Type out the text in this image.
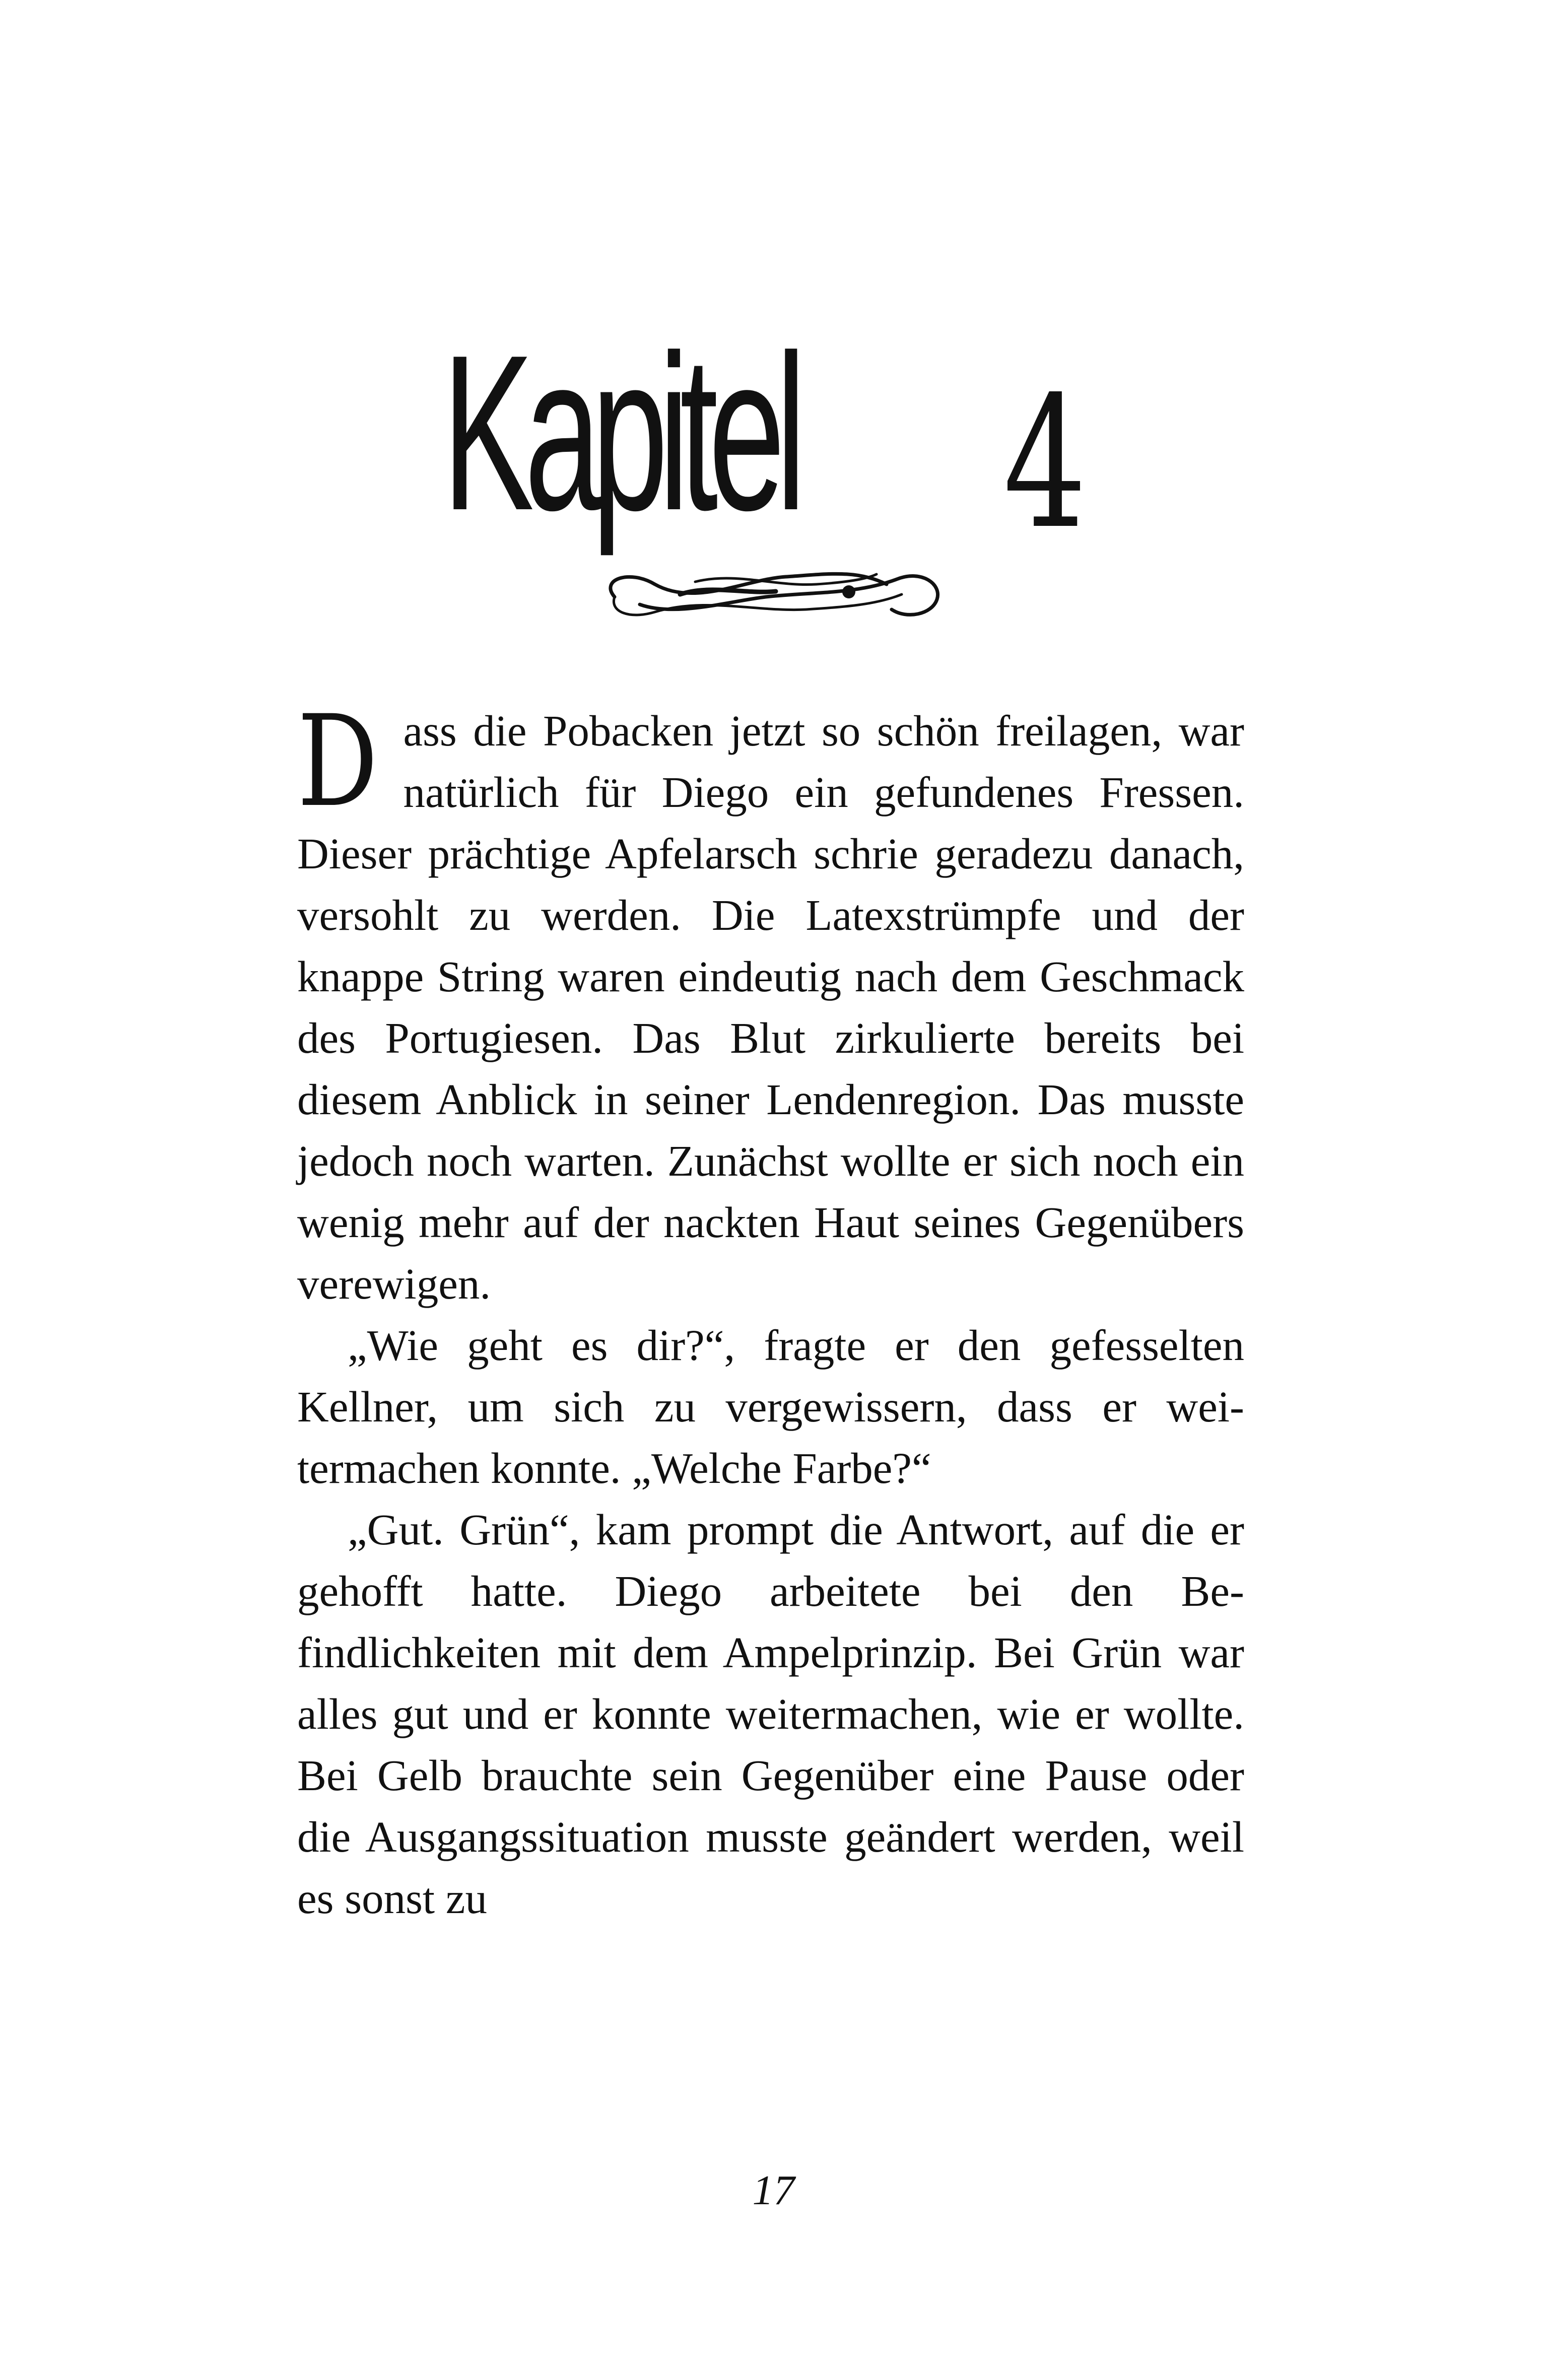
Kapitel	4

Dass die Pobacken jetzt so schön freilagen, war natürlich für Diego ein gefundenes Fressen. Dieser prächtige Apfelarsch schrie geradezu danach, versohlt zu werden. Die Latexstrümpfe und der knappe String waren eindeutig nach dem Geschmack des Portugiesen. Das Blut zirkulierte bereits bei diesem Anblick in seiner Lendenregion. Das musste jedoch noch warten. Zunächst wollte er sich noch ein wenig mehr auf der nackten Haut seines Gegenübers verewigen.

„Wie geht es dir?“, fragte er den gefesselten Kellner, um sich zu vergewissern, dass er weitermachen konnte. „Welche Farbe?“

„Gut. Grün“, kam prompt die Antwort, auf die er gehofft hatte. Diego arbeitete bei den Befindlichkeiten mit dem Ampelprinzip. Bei Grün war alles gut und er konnte weitermachen, wie er wollte. Bei Gelb brauchte sein Gegenüber eine Pause oder die Ausgangssituation musste geändert werden, weil es sonst zu

17
